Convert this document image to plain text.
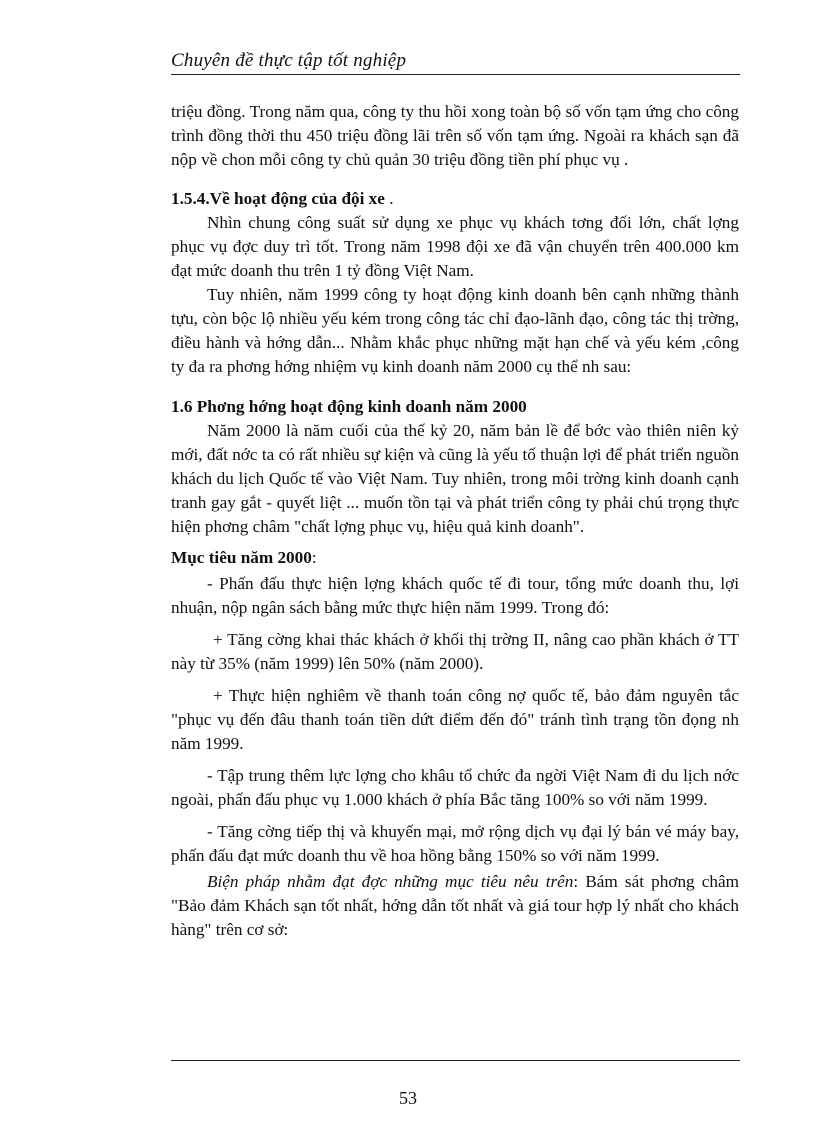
Chuyên đề thực tập tốt nghiệp

triệu đồng. Trong năm qua, công ty thu hồi xong toàn bộ số vốn tạm ứng cho công trình đồng thời thu 450 triệu đồng lãi trên số vốn tạm ứng. Ngoài ra khách sạn đã nộp về chon mỗi công ty chủ quản 30 triệu đồng tiền phí phục vụ .

1.5.4.Về hoạt động của đội xe .

Nhìn chung công suất sử dụng xe phục vụ khách tơng đối lớn, chất lợng phục vụ đợc duy trì tốt. Trong năm 1998 đội xe đã vận chuyển trên 400.000 km đạt mức doanh thu trên 1 tỷ đồng Việt Nam.

Tuy nhiên, năm 1999 công ty hoạt động kinh doanh bên cạnh những thành tựu, còn bộc lộ nhiều yếu kém trong công tác chỉ đạo-lãnh đạo, công tác thị trờng, điều hành và hớng dẫn... Nhằm khắc phục những mặt hạn chế và yếu kém ,công ty đa ra phơng hớng nhiệm vụ kinh doanh năm 2000 cụ thể nh sau:

1.6 Phơng hớng hoạt động kinh doanh năm 2000

Năm 2000 là năm cuối của thế kỷ 20, năm bản lề để bớc vào thiên niên kỷ mới, đất nớc ta có rất nhiều sự kiện và cũng là yếu tố thuận lợi để phát triển nguồn khách du lịch Quốc tế vào Việt Nam. Tuy nhiên, trong môi trờng kinh doanh cạnh tranh gay gắt - quyết liệt ... muốn tồn tại và phát triển công ty phải chú trọng thực hiện phơng châm "chất lợng phục vụ, hiệu quả kinh doanh".

Mục tiêu năm 2000:

- Phấn đấu thực hiện lợng khách quốc tế đi tour, tổng mức doanh thu, lợi nhuận, nộp ngân sách bằng mức thực hiện năm 1999. Trong đó:

+ Tăng cờng khai thác khách ở khối thị trờng II, nâng cao phần khách ở TT này từ 35% (năm 1999) lên 50% (năm 2000).

+ Thực hiện nghiêm về thanh toán công nợ quốc tế, bảo đảm nguyên tắc "phục vụ đến đâu thanh toán tiền dứt điểm đến đó" tránh tình trạng tồn đọng nh năm 1999.

- Tập trung thêm lực lợng cho khâu tổ chức đa ngời Việt Nam đi du lịch nớc ngoài, phấn đấu phục vụ 1.000 khách ở phía Bắc tăng 100% so với năm 1999.

- Tăng cờng tiếp thị và khuyến mại, mở rộng dịch vụ đại lý bán vé máy bay, phấn đấu đạt mức doanh thu về hoa hồng bằng 150% so với năm 1999.

Biện pháp nhằm đạt đợc những mục tiêu nêu trên: Bám sát phơng châm "Bảo đảm Khách sạn tốt nhất, hớng dẫn tốt nhất và giá tour hợp lý nhất cho khách hàng" trên cơ sở:

53
